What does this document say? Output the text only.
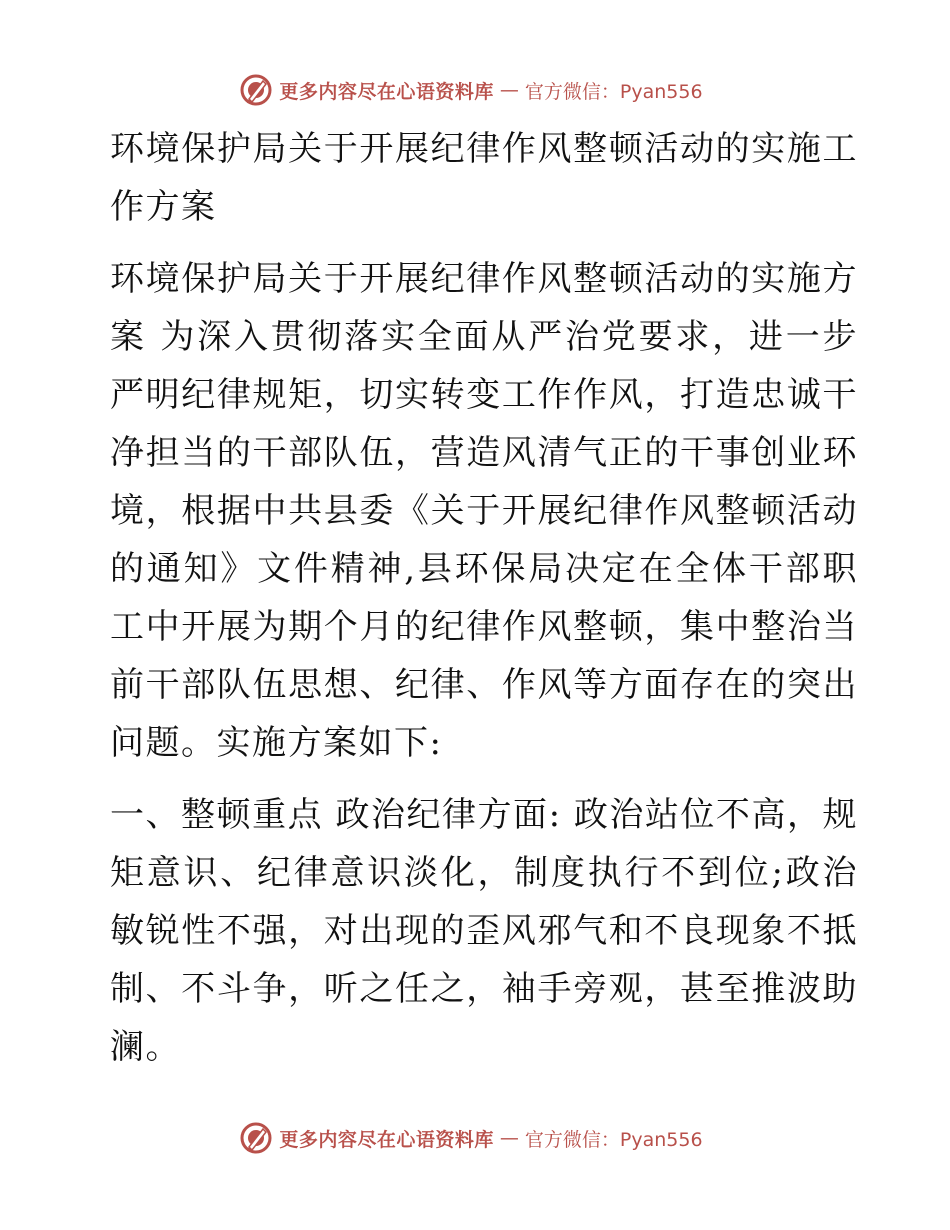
更多内容尽在心语资料库 — 官方微信：Pyan556

环境保护局关于开展纪律作风整顿活动的实施工作方案

环境保护局关于开展纪律作风整顿活动的实施方案 为深入贯彻落实全面从严治党要求，进一步严明纪律规矩，切实转变工作作风，打造忠诚干净担当的干部队伍，营造风清气正的干事创业环境，根据中共县委《关于开展纪律作风整顿活动的通知》文件精神,县环保局决定在全体干部职工中开展为期个月的纪律作风整顿，集中整治当前干部队伍思想、纪律、作风等方面存在的突出问题。实施方案如下:

一、整顿重点 政治纪律方面: 政治站位不高，规矩意识、纪律意识淡化，制度执行不到位;政治敏锐性不强，对出现的歪风邪气和不良现象不抵制、不斗争，听之任之，袖手旁观，甚至推波助澜。

更多内容尽在心语资料库 — 官方微信：Pyan556
